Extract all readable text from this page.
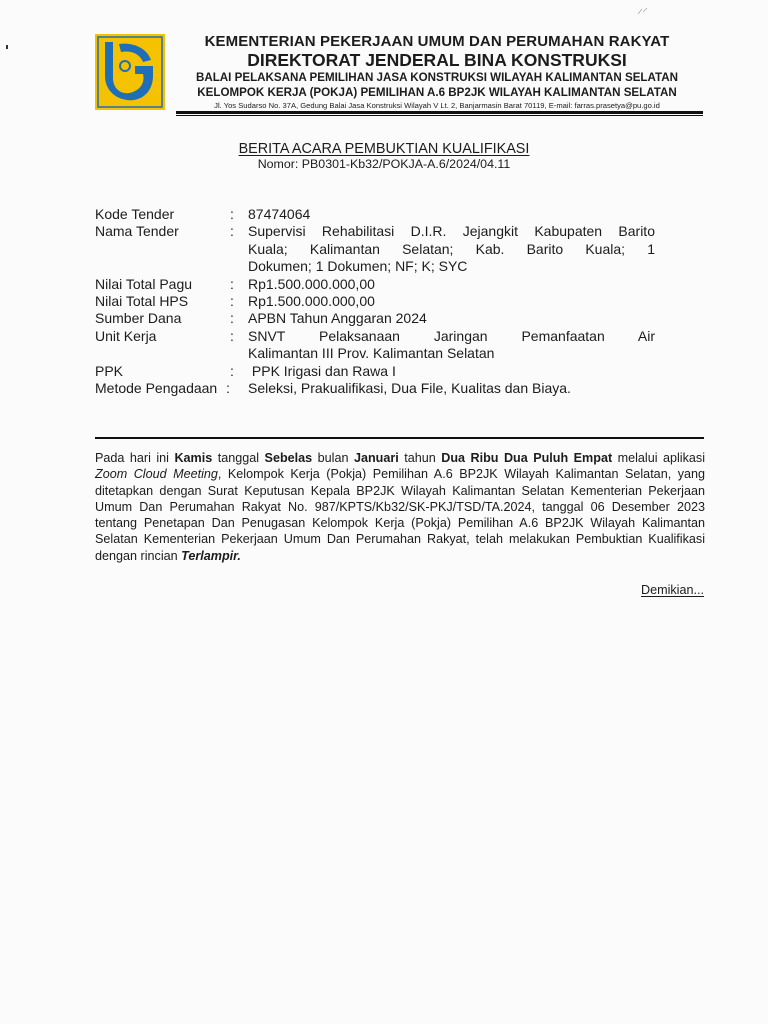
KEMENTERIAN PEKERJAAN UMUM DAN PERUMAHAN RAKYAT
DIREKTORAT JENDERAL BINA KONSTRUKSI
BALAI PELAKSANA PEMILIHAN JASA KONSTRUKSI WILAYAH KALIMANTAN SELATAN
KELOMPOK KERJA (POKJA) PEMILIHAN A.6 BP2JK WILAYAH KALIMANTAN SELATAN
Jl. Yos Sudarso No. 37A, Gedung Balai Jasa Konstruksi Wilayah V Lt. 2, Banjarmasin Barat 70119, E-mail: farras.prasetya@pu.go.id
BERITA ACARA PEMBUKTIAN KUALIFIKASI
Nomor: PB0301-Kb32/POKJA-A.6/2024/04.11
Kode Tender	:	87474064
Nama Tender	:	Supervisi Rehabilitasi D.I.R. Jejangkit Kabupaten Barito
Kuala; Kalimantan Selatan; Kab. Barito Kuala; 1
Dokumen; 1 Dokumen; NF; K; SYC
Nilai Total Pagu	:	Rp1.500.000.000,00
Nilai Total HPS	:	Rp1.500.000.000,00
Sumber Dana	:	APBN Tahun Anggaran 2024
Unit Kerja	:	SNVT Pelaksanaan Jaringan Pemanfaatan Air
Kalimantan III Prov. Kalimantan Selatan
PPK	:	PPK Irigasi dan Rawa I
Metode Pengadaan :	Seleksi, Prakualifikasi, Dua File, Kualitas dan Biaya.
Pada hari ini Kamis tanggal Sebelas bulan Januari tahun Dua Ribu Dua Puluh Empat melalui aplikasi Zoom Cloud Meeting, Kelompok Kerja (Pokja) Pemilihan A.6 BP2JK Wilayah Kalimantan Selatan, yang ditetapkan dengan Surat Keputusan Kepala BP2JK Wilayah Kalimantan Selatan Kementerian Pekerjaan Umum Dan Perumahan Rakyat No. 987/KPTS/Kb32/SK-PKJ/TSD/TA.2024, tanggal 06 Desember 2023 tentang Penetapan Dan Penugasan Kelompok Kerja (Pokja) Pemilihan A.6 BP2JK Wilayah Kalimantan Selatan Kementerian Pekerjaan Umum Dan Perumahan Rakyat, telah melakukan Pembuktian Kualifikasi dengan rincian Terlampir.
Demikian...
